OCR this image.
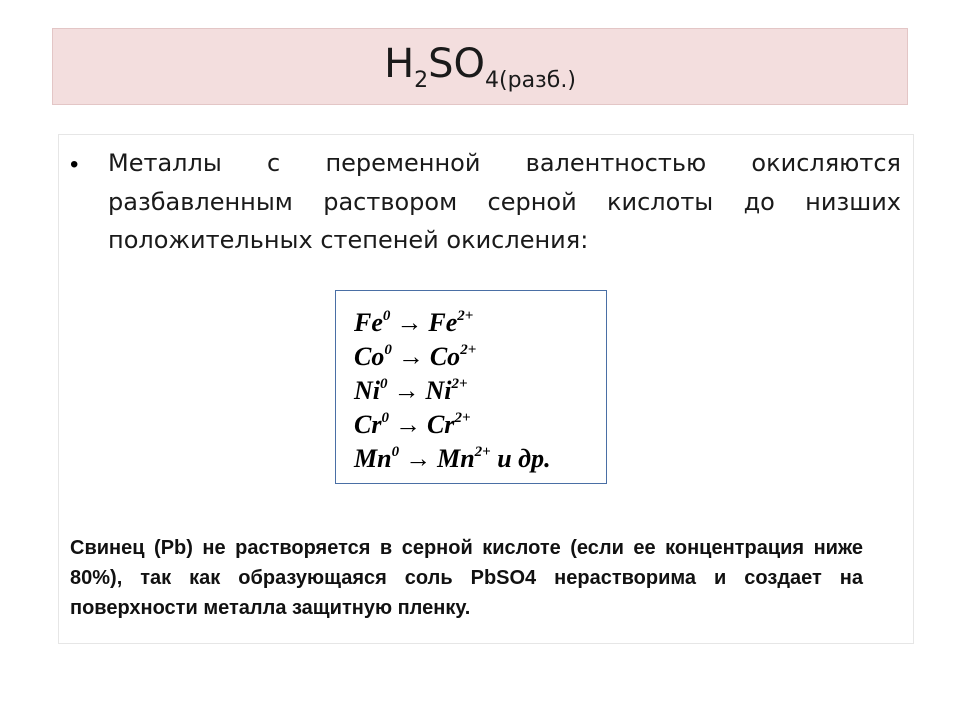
$H_2SO_{4(разб.)}$
• Металлы с переменной валентностью окисляются разбавленным раствором серной кислоты до низших положительных степеней окисления:
$Fe^0 \to Fe^{2+}$
$Co^0 \to Co^{2+}$
$Ni^0 \to Ni^{2+}$
$Cr^0 \to Cr^{2+}$
$Mn^0 \to Mn^{2+}$ и др.
Свинец (Pb) не растворяется в серной кислоте (если ее концентрация ниже 80%), так как образующаяся соль PbSO4 нерастворима и создает на поверхности металла защитную пленку.
